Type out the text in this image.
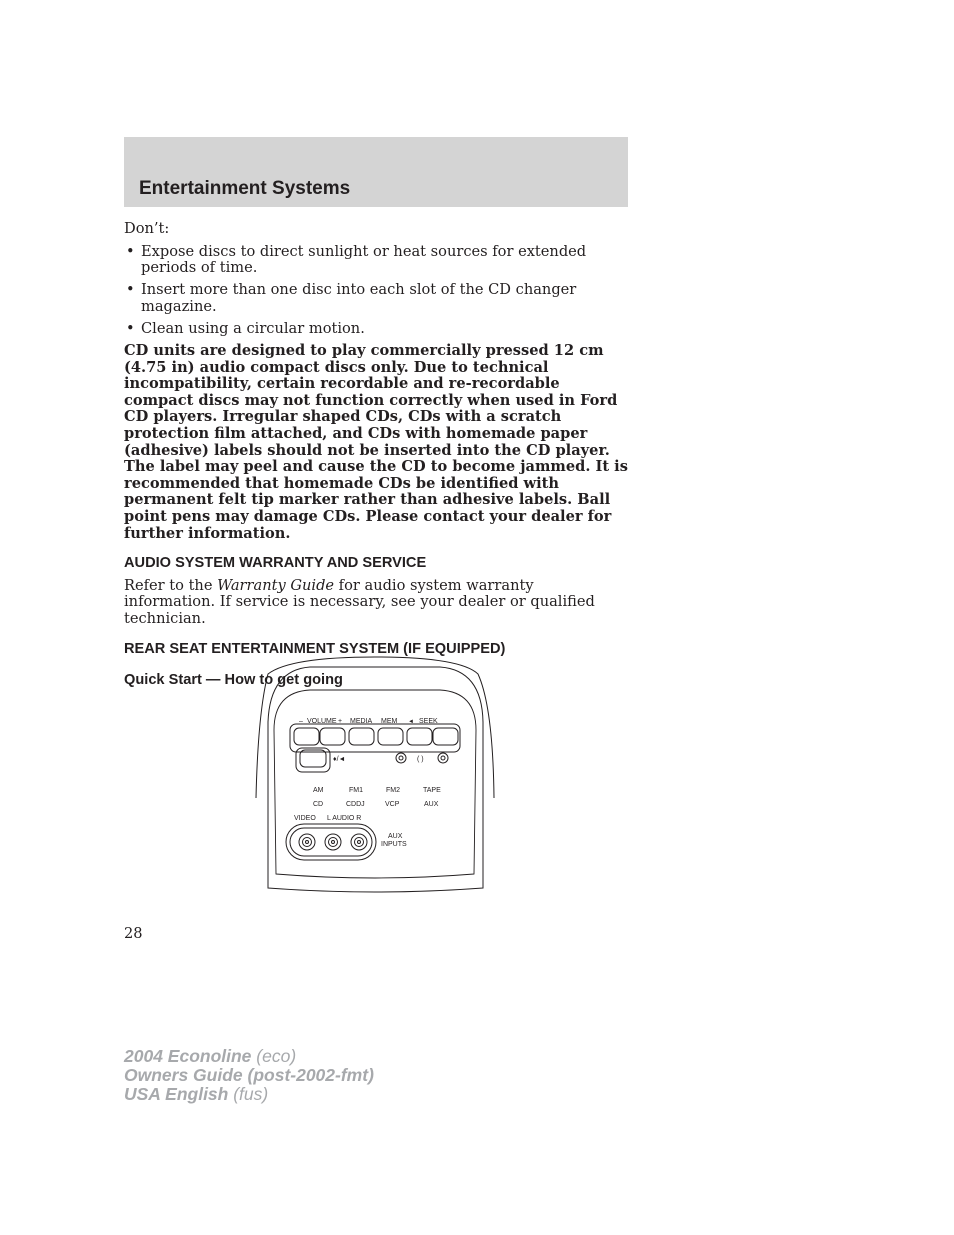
Entertainment Systems

Don’t:

• Expose discs to direct sunlight or heat sources for extended periods of time.
• Insert more than one disc into each slot of the CD changer magazine.
• Clean using a circular motion.

CD units are designed to play commercially pressed 12 cm (4.75 in) audio compact discs only. Due to technical incompatibility, certain recordable and re-recordable compact discs may not function correctly when used in Ford CD players. Irregular shaped CDs, CDs with a scratch protection film attached, and CDs with homemade paper (adhesive) labels should not be inserted into the CD player. The label may peel and cause the CD to become jammed. It is recommended that homemade CDs be identified with permanent felt tip marker rather than adhesive labels. Ball point pens may damage CDs. Please contact your dealer for further information.

AUDIO SYSTEM WARRANTY AND SERVICE

Refer to the Warranty Guide for audio system warranty information. If service is necessary, see your dealer or qualified technician.

REAR SEAT ENTERTAINMENT SYSTEM (IF EQUIPPED)
Quick Start — How to get going
– VOLUME + MEDIA MEM ◄ SEEK
♦/◄	( )
AM	FM1	FM2	TAPE
CD	CDDJ	VCP	AUX
VIDEO L AUDIO R
AUX
INPUTS
28
2004 Econoline (eco)
Owners Guide (post-2002-fmt)
USA English (fus)
